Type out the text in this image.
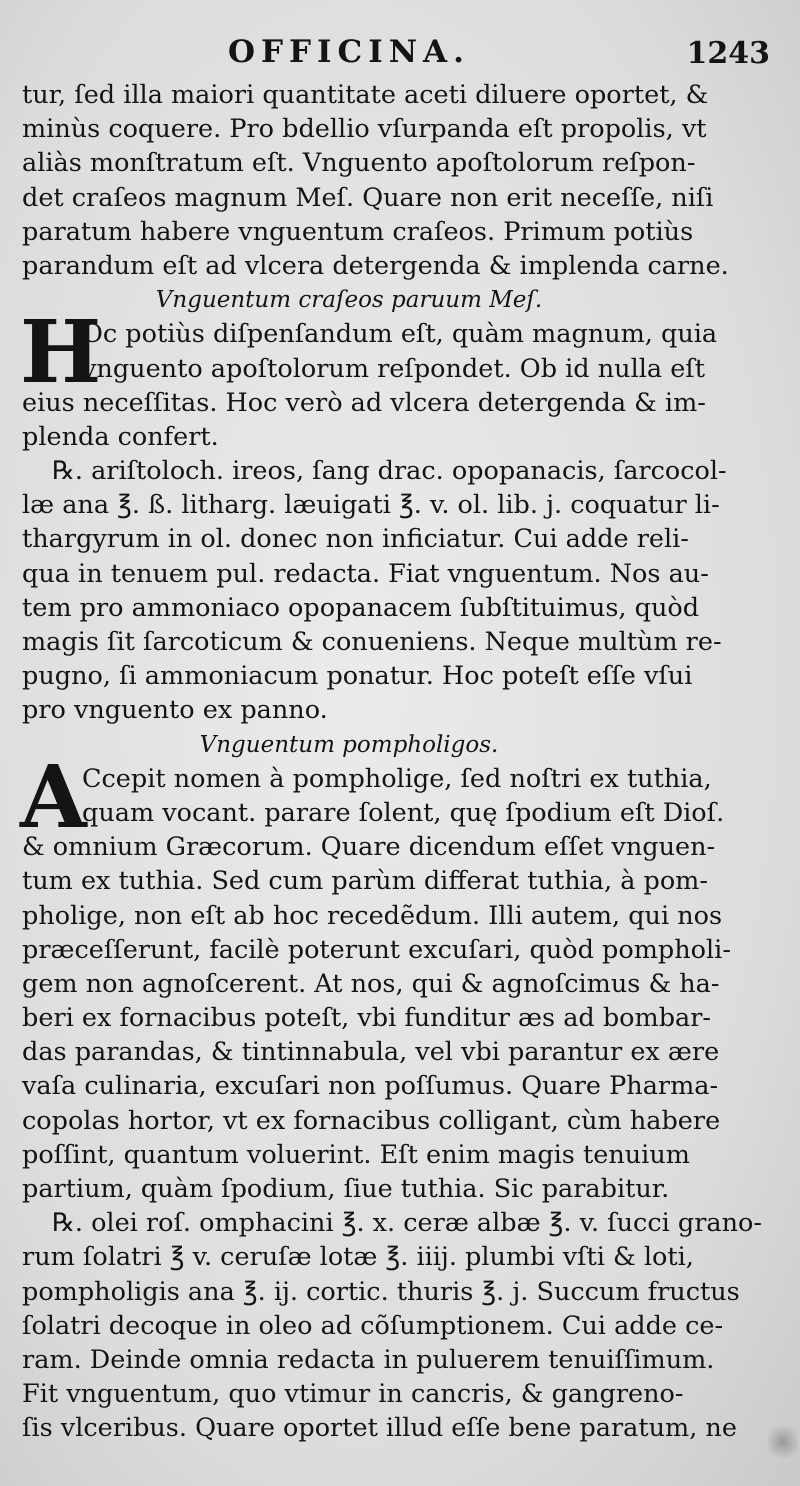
OFFICINA.	1243
tur, ſed illa maiori quantitate aceti diluere oportet, &
minùs coquere. Pro bdellio vſurpanda eſt propolis, vt
aliàs monſtratum eſt. Vnguento apoſtolorum reſpon-
det craſeos magnum Meſ. Quare non erit neceſſe, niſi
paratum habere vnguentum craſeos. Primum potiùs
parandum eſt ad vlcera detergenda & implenda carne.
Vnguentum craſeos paruum Meſ.
H
Oc potiùs diſpenſandum eſt, quàm magnum, quia
vnguento apoſtolorum reſpondet. Ob id nulla eſt
eius neceſſitas. Hoc verò ad vlcera detergenda & im-
plenda confert.
℞. ariſtoloch. ireos, ſang drac. opopanacis, ſarcocol-
læ ana ℥. ß. litharg. læuigati ℥. v. ol. lib. j. coquatur li-
thargyrum in ol. donec non inficiatur. Cui adde reli-
qua in tenuem pul. redacta. Fiat vnguentum. Nos au-
tem pro ammoniaco opopanacem ſubſtituimus, quòd
magis ſit ſarcoticum & conueniens. Neque multùm re-
pugno, ſi ammoniacum ponatur. Hoc poteſt eſſe vſui
pro vnguento ex panno.
Vnguentum pompholigos.
A
Ccepit nomen à pompholige, ſed noſtri ex tuthia,
quam vocant. parare ſolent, quę ſpodium eſt Dioſ.
& omnium Græcorum. Quare dicendum eſſet vnguen-
tum ex tuthia. Sed cum parùm differat tuthia, à pom-
pholige, non eſt ab hoc recedẽdum. Illi autem, qui nos
præceſſerunt, facilè poterunt excuſari, quòd pompholi-
gem non agnoſcerent. At nos, qui & agnoſcimus & ha-
beri ex fornacibus poteſt, vbi funditur æs ad bombar-
das parandas, & tintinnabula, vel vbi parantur ex ære
vaſa culinaria, excuſari non poſſumus. Quare Pharma-
copolas hortor, vt ex fornacibus colligant, cùm habere
poſſint, quantum voluerint. Eſt enim magis tenuium
partium, quàm ſpodium, ſiue tuthia. Sic parabitur.
℞. olei roſ. omphacini ℥. x. ceræ albæ ℥. v. ſucci grano-
rum ſolatri ℥ v. ceruſæ lotæ ℥. iiij. plumbi vſti & loti,
pompholigis ana ℥. ij. cortic. thuris ℥. j. Succum fructus
ſolatri decoque in oleo ad cõſumptionem. Cui adde ce-
ram. Deinde omnia redacta in puluerem tenuiſſimum.
Fit vnguentum, quo vtimur in cancris, & gangreno-
ſis vlceribus. Quare oportet illud eſſe bene paratum, ne
